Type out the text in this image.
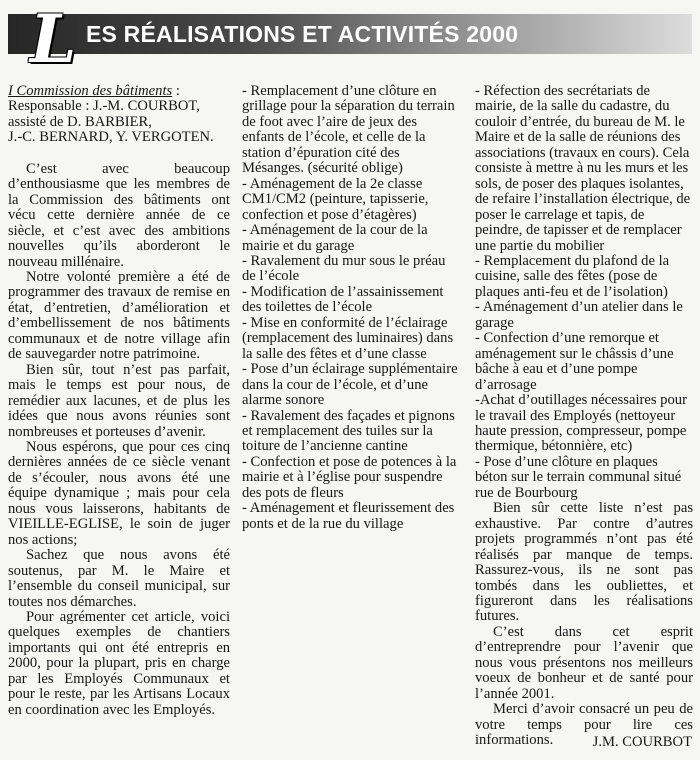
L ES RÉALISATIONS ET ACTIVITÉS 2000

I Commission des bâtiments :

Responsable : J.-M. COURBOT,

assisté de D. BARBIER,

J.-C. BERNARD, Y. VERGOTEN.

C’est avec beaucoup d’enthousiasme que les membres de la Commission des bâtiments ont vécu cette dernière année de ce siècle, et c’est avec des ambitions nouvelles qu’ils aborderont le nouveau millénaire.

Notre volonté première a été de programmer des travaux de remise en état, d’entretien, d’amélioration et d’embellissement de nos bâtiments communaux et de notre village afin de sauvegarder notre patrimoine.

Bien sûr, tout n’est pas parfait, mais le temps est pour nous, de remédier aux lacunes, et de plus les idées que nous avons réunies sont nombreuses et porteuses d’avenir.

Nous espérons, que pour ces cinq dernières années de ce siècle venant de s’écouler, nous avons été une équipe dynamique ; mais pour cela nous vous laisserons, habitants de VIEILLE-EGLISE, le soin de juger nos actions;

Sachez que nous avons été soutenus, par M. le Maire et l’ensemble du conseil municipal, sur toutes nos démarches.

Pour agrémenter cet article, voici quelques exemples de chantiers importants qui ont été entrepris en 2000, pour la plupart, pris en charge par les Employés Communaux et pour le reste, par les Artisans Locaux en coordination avec les Employés.

- Remplacement d’une clôture en grillage pour la séparation du terrain de foot avec l’aire de jeux des enfants de l’école, et celle de la station d’épuration cité des Mésanges. (sécurité oblige)

- Aménagement de la 2e classe CM1/CM2 (peinture, tapisserie, confection et pose d’étagères)

- Aménagement de la cour de la mairie et du garage

- Ravalement du mur sous le préau de l’école

- Modification de l’assainissement des toilettes de l’école

- Mise en conformité de l’éclairage (remplacement des luminaires) dans la salle des fêtes et d’une classe

- Pose d’un éclairage supplémentaire dans la cour de l’école, et d’une alarme sonore

- Ravalement des façades et pignons et remplacement des tuiles sur la toiture de l’ancienne cantine

- Confection et pose de potences à la mairie et à l’église pour suspendre des pots de fleurs

- Aménagement et fleurissement des ponts et de la rue du village

- Réfection des secrétariats de mairie, de la salle du cadastre, du couloir d’entrée, du bureau de M. le Maire et de la salle de réunions des associations (travaux en cours). Cela consiste à mettre à nu les murs et les sols, de poser des plaques isolantes, de refaire l’installation électrique, de poser le carrelage et tapis, de peindre, de tapisser et de remplacer une partie du mobilier

- Remplacement du plafond de la cuisine, salle des fêtes (pose de plaques anti-feu et de l’isolation)

- Aménagement d’un atelier dans le garage

- Confection d’une remorque et aménagement sur le châssis d’une bâche à eau et d’une pompe d’arrosage

-Achat d’outillages nécessaires pour le travail des Employés (nettoyeur haute pression, compresseur, pompe thermique, bétonnière, etc)

- Pose d’une clôture en plaques béton sur le terrain communal situé rue de Bourbourg

Bien sûr cette liste n’est pas exhaustive. Par contre d’autres projets programmés n’ont pas été réalisés par manque de temps. Rassurez-vous, ils ne sont pas tombés dans les oubliettes, et figureront dans les réalisations futures.

C’est dans cet esprit d’entreprendre pour l’avenir que nous vous présentons nos meilleurs voeux de bonheur et de santé pour l’année 2001.

Merci d’avoir consacré un peu de votre temps pour lire ces informations.	J.M. COURBOT
